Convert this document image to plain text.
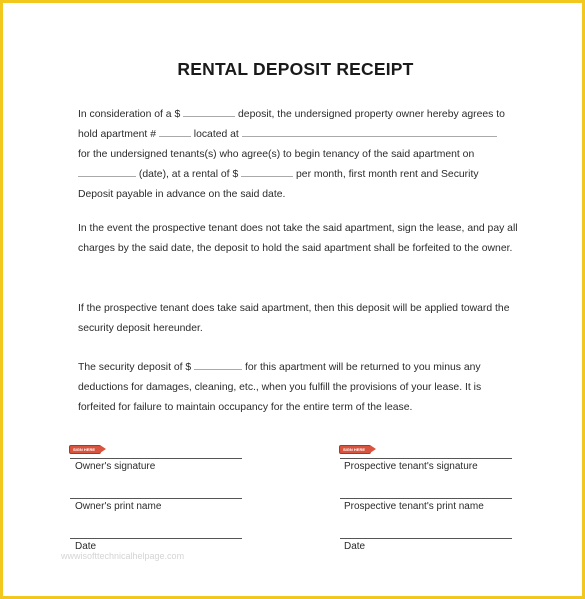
RENTAL DEPOSIT RECEIPT
In consideration of a $	deposit, the undersigned property owner hereby agrees to
hold apartment #	located at
for the undersigned tenants(s) who agree(s) to begin tenancy of the said apartment on
(date), at a rental of $	per month, first month rent and Security
Deposit payable in advance on the said date.
In the event the prospective tenant does not take the said apartment, sign the lease, and pay all charges by the said date, the deposit to hold the said apartment shall be forfeited to the owner.
If the prospective tenant does take said apartment, then this deposit will be applied toward the security deposit hereunder.
The security deposit of $	for this apartment will be returned to you minus any
deductions for damages, cleaning, etc., when you fulfill the provisions of your lease. It is forfeited for failure to maintain occupancy for the entire term of the lease.
SIGN HERE
Owner's signature
Owner's print name
Date
SIGN HERE
Prospective tenant's signature
Prospective tenant's print name
Date
wwwisofttechnicalhelpage.com
